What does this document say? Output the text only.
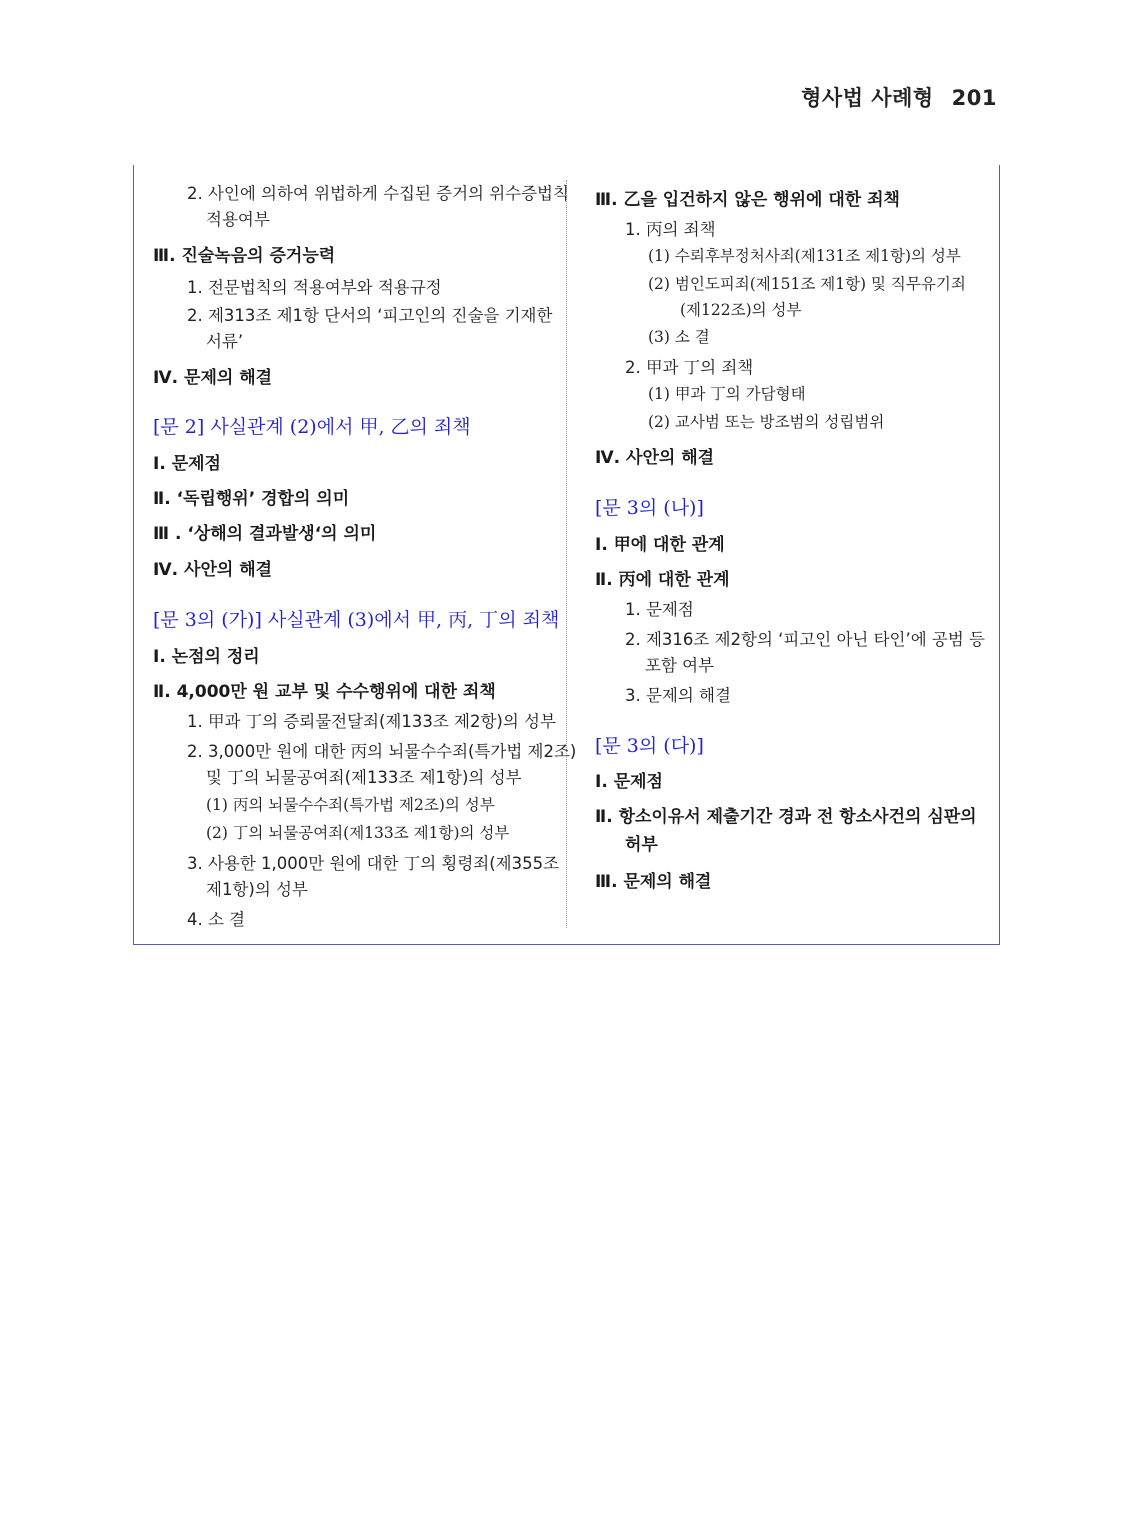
형사법 사례형 201
2. 사인에 의하여 위법하게 수집된 증거의 위수증법칙
적용여부
Ⅲ. 진술녹음의 증거능력
1. 전문법칙의 적용여부와 적용규정
2. 제313조 제1항 단서의 ‘피고인의 진술을 기재한
서류’
Ⅳ. 문제의 해결
[문 2] 사실관계 (2)에서 甲, 乙의 죄책
Ⅰ. 문제점
Ⅱ. ‘독립행위’ 경합의 의미
Ⅲ . ‘상해의 결과발생‘의 의미
Ⅳ. 사안의 해결
[문 3의 (가)] 사실관계 (3)에서 甲, 丙, 丁의 죄책
Ⅰ. 논점의 정리
Ⅱ. 4,000만 원 교부 및 수수행위에 대한 죄책
1. 甲과 丁의 증뢰물전달죄(제133조 제2항)의 성부
2. 3,000만 원에 대한 丙의 뇌물수수죄(특가법 제2조)
및 丁의 뇌물공여죄(제133조 제1항)의 성부
(1) 丙의 뇌물수수죄(특가법 제2조)의 성부
(2) 丁의 뇌물공여죄(제133조 제1항)의 성부
3. 사용한 1,000만 원에 대한 丁의 횡령죄(제355조
제1항)의 성부
4. 소 결
Ⅲ. 乙을 입건하지 않은 행위에 대한 죄책
1. 丙의 죄책
(1) 수뢰후부정처사죄(제131조 제1항)의 성부
(2) 범인도피죄(제151조 제1항) 및 직무유기죄
(제122조)의 성부
(3) 소 결
2. 甲과 丁의 죄책
(1) 甲과 丁의 가담형태
(2) 교사범 또는 방조범의 성립범위
Ⅳ. 사안의 해결
[문 3의 (나)]
Ⅰ. 甲에 대한 관계
Ⅱ. 丙에 대한 관계
1. 문제점
2. 제316조 제2항의 ‘피고인 아닌 타인’에 공범 등
포함 여부
3. 문제의 해결
[문 3의 (다)]
Ⅰ. 문제점
Ⅱ. 항소이유서 제출기간 경과 전 항소사건의 심판의
허부
Ⅲ. 문제의 해결
